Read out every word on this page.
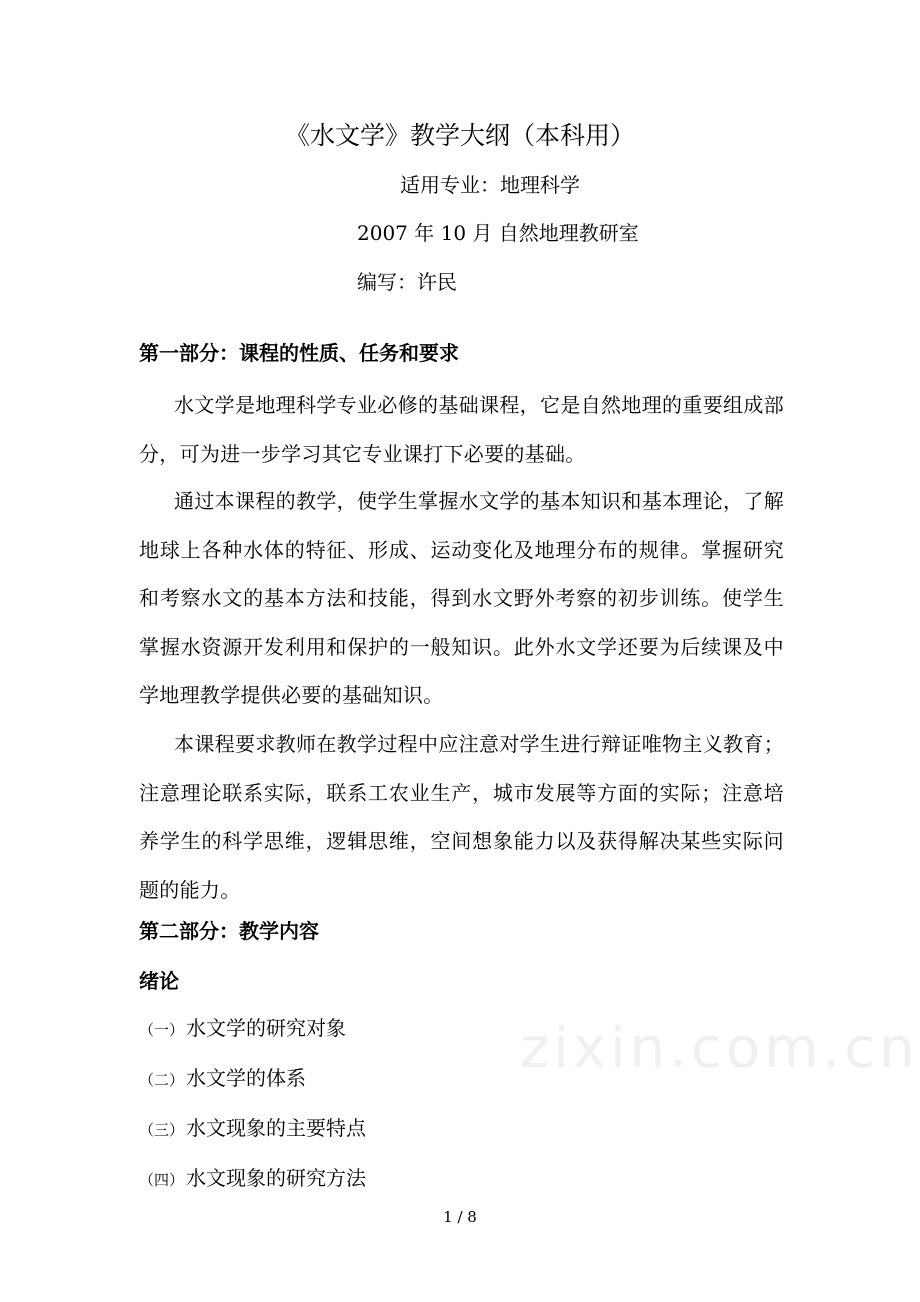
《水文学》教学大纲（本科用）
适用专业：地理科学
2007 年 10 月 自然地理教研室
编写：许民
第一部分：课程的性质、任务和要求

水文学是地理科学专业必修的基础课程，它是自然地理的重要组成部分，可为进一步学习其它专业课打下必要的基础。

通过本课程的教学，使学生掌握水文学的基本知识和基本理论，了解地球上各种水体的特征、形成、运动变化及地理分布的规律。掌握研究和考察水文的基本方法和技能，得到水文野外考察的初步训练。使学生掌握水资源开发利用和保护的一般知识。此外水文学还要为后续课及中学地理教学提供必要的基础知识。

本课程要求教师在教学过程中应注意对学生进行辩证唯物主义教育；注意理论联系实际，联系工农业生产，城市发展等方面的实际；注意培养学生的科学思维，逻辑思维，空间想象能力以及获得解决某些实际问题的能力。

第二部分：教学内容
绪论
（一） 水文学的研究对象
（二） 水文学的体系
（三） 水文现象的主要特点
（四） 水文现象的研究方法
zixin.com.cn
1 / 8
